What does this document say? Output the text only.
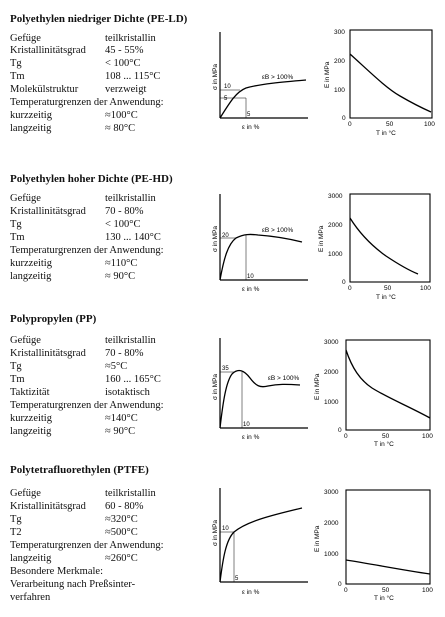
Polyethylen niedriger Dichte (PE-LD)
Gefüge	teilkristallin
Kristallinitätsgrad 45 - 55%
Tg	< 100°C
Tm	108 ... 115°C
Molekülstruktur	verzweigt
Temperaturgrenzen der Anwendung:
kurzzeitig	≈100°C
langzeitig	≈ 80°C
10
5
5
εB > 100%
σ in MPa
ε in %
300
200
100
0
0	50	100
E in MPa
T in °C
Polyethylen hoher Dichte (PE-HD)
Gefüge	teilkristallin
Kristallinitätsgrad 70 - 80%
Tg	< 100°C
Tm	130 ... 140°C
Temperaturgrenzen der Anwendung:
kurzzeitig	≈110°C
langzeitig	≈ 90°C
20
10
εB > 100%
σ in MPa
ε in %
3000
2000
1000
0
0	50	100
E in MPa
T in °C
Polypropylen (PP)
Gefüge	teilkristallin
Kristallinitätsgrad 70 - 80%
Tg	≈5°C
Tm	160 ... 165°C
Taktizität	isotaktisch
Temperaturgrenzen der Anwendung:
kurzzeitig	≈140°C
langzeitig	≈ 90°C
35
10
εB > 100%
σ in MPa
ε in %
3000
2000
1000
0
0	50	100
E in MPa
T in °C
Polytetrafluorethylen (PTFE)
Gefüge	teilkristallin
Kristallinitätsgrad 60 - 80%
Tg	≈320°C
T2	≈500°C
Temperaturgrenzen der Anwendung:
langzeitig	≈260°C
Besondere Merkmale:
Verarbeitung nach Preßsinter-
verfahren
10
5
σ in MPa
ε in %
3000
2000
1000
0
0	50	100
E in MPa
T in °C
